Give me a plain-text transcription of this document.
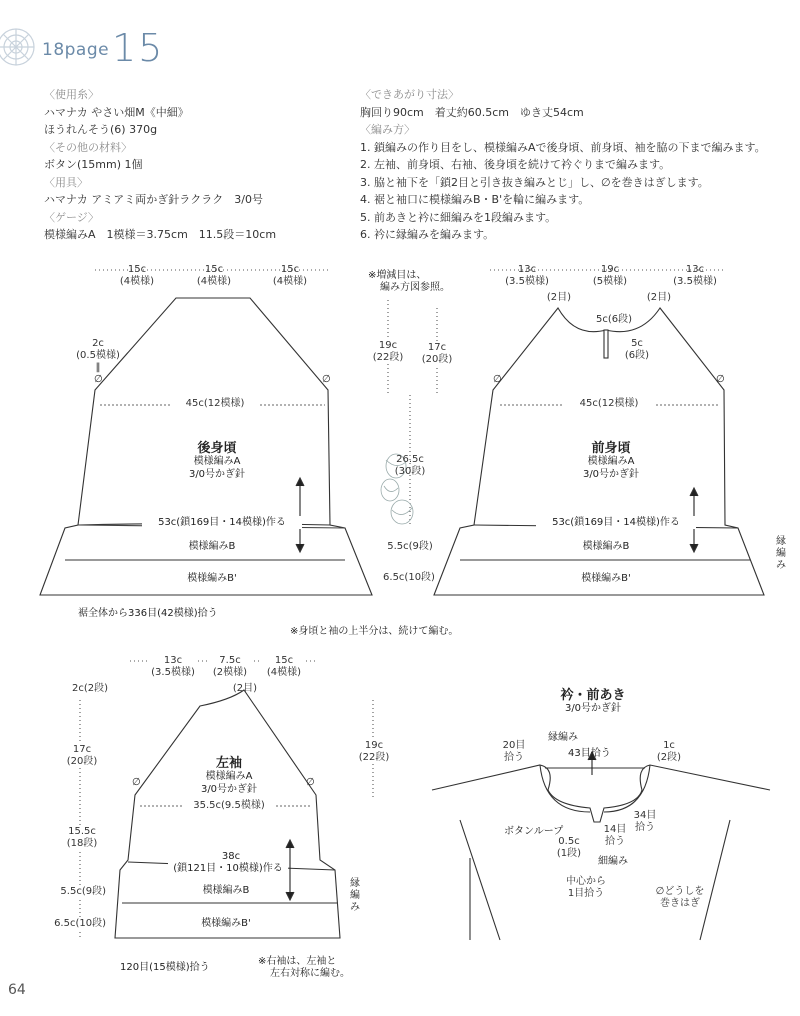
18page 15
〈使用糸〉
ハマナカ やさい畑M《中細》
ほうれんそう(6) 370g
〈その他の材料〉
ボタン(15mm) 1個
〈用具〉
ハマナカ アミアミ両かぎ針ラクラク　3/0号
〈ゲージ〉
模様編みA　1模様＝3.75cm　11.5段＝10cm
〈できあがり寸法〉
胸回り90cm　着丈約60.5cm　ゆき丈54cm
〈編み方〉
1. 鎖編みの作り目をし、模様編みAで後身頃、前身頃、袖を脇の下まで編みます。
2. 左袖、前身頃、右袖、後身頃を続けて衿ぐりまで編みます。
3. 脇と袖下を「鎖2目と引き抜き編みとじ」し、∅を巻きはぎします。
4. 裾と袖口に模様編みB・B'を輪に編みます。
5. 前あきと衿に細編みを1段編みます。
6. 衿に縁編みを編みます。
15c
(4模様)
15c
(4模様)
15c
(4模様)
2c
(0.5模様)
‖
∅	∅
45c(12模様)
後身頃
模様編みA
3/0号かぎ針
53c(鎖169目・14模様)作る
模様編みB
模様編みB'
裾全体から336目(42模様)拾う
※増減目は、
編み方図参照。
19c
(22段)
17c
(20段)
26.5c
(30段)
5.5c(9段)
6.5c(10段)
13c
(3.5模様)
19c
(5模様)
13c
(3.5模様)
(2目)	(2目)
5c(6段)
5c
(6段)
∅	∅
45c(12模様)
前身頃
模様編みA
3/0号かぎ針
53c(鎖169目・14模様)作る
模様編みB
模様編みB'
縁編み
※身頃と袖の上半分は、続けて編む。
13c
(3.5模様)
7.5c
(2模様)
15c
(4模様)
(2目)
2c(2段)
17c
(20段)
15.5c
(18段)
5.5c(9段)
6.5c(10段)
19c
(22段)
∅	∅
左袖
模様編みA
3/0号かぎ針
35.5c(9.5模様)
38c
(鎖121目・10模様)作る
模様編みB
模様編みB'
縁編み
120目(15模様)拾う
※右袖は、左袖と
左右対称に編む。
衿・前あき
3/0号かぎ針
縁編み
43目拾う
20目
拾う
1c
(2段)
34目
拾う
ボタンループ	14目
拾う
0.5c
(1段)
細編み
中心から
1目拾う	∅どうしを
巻きはぎ
64
